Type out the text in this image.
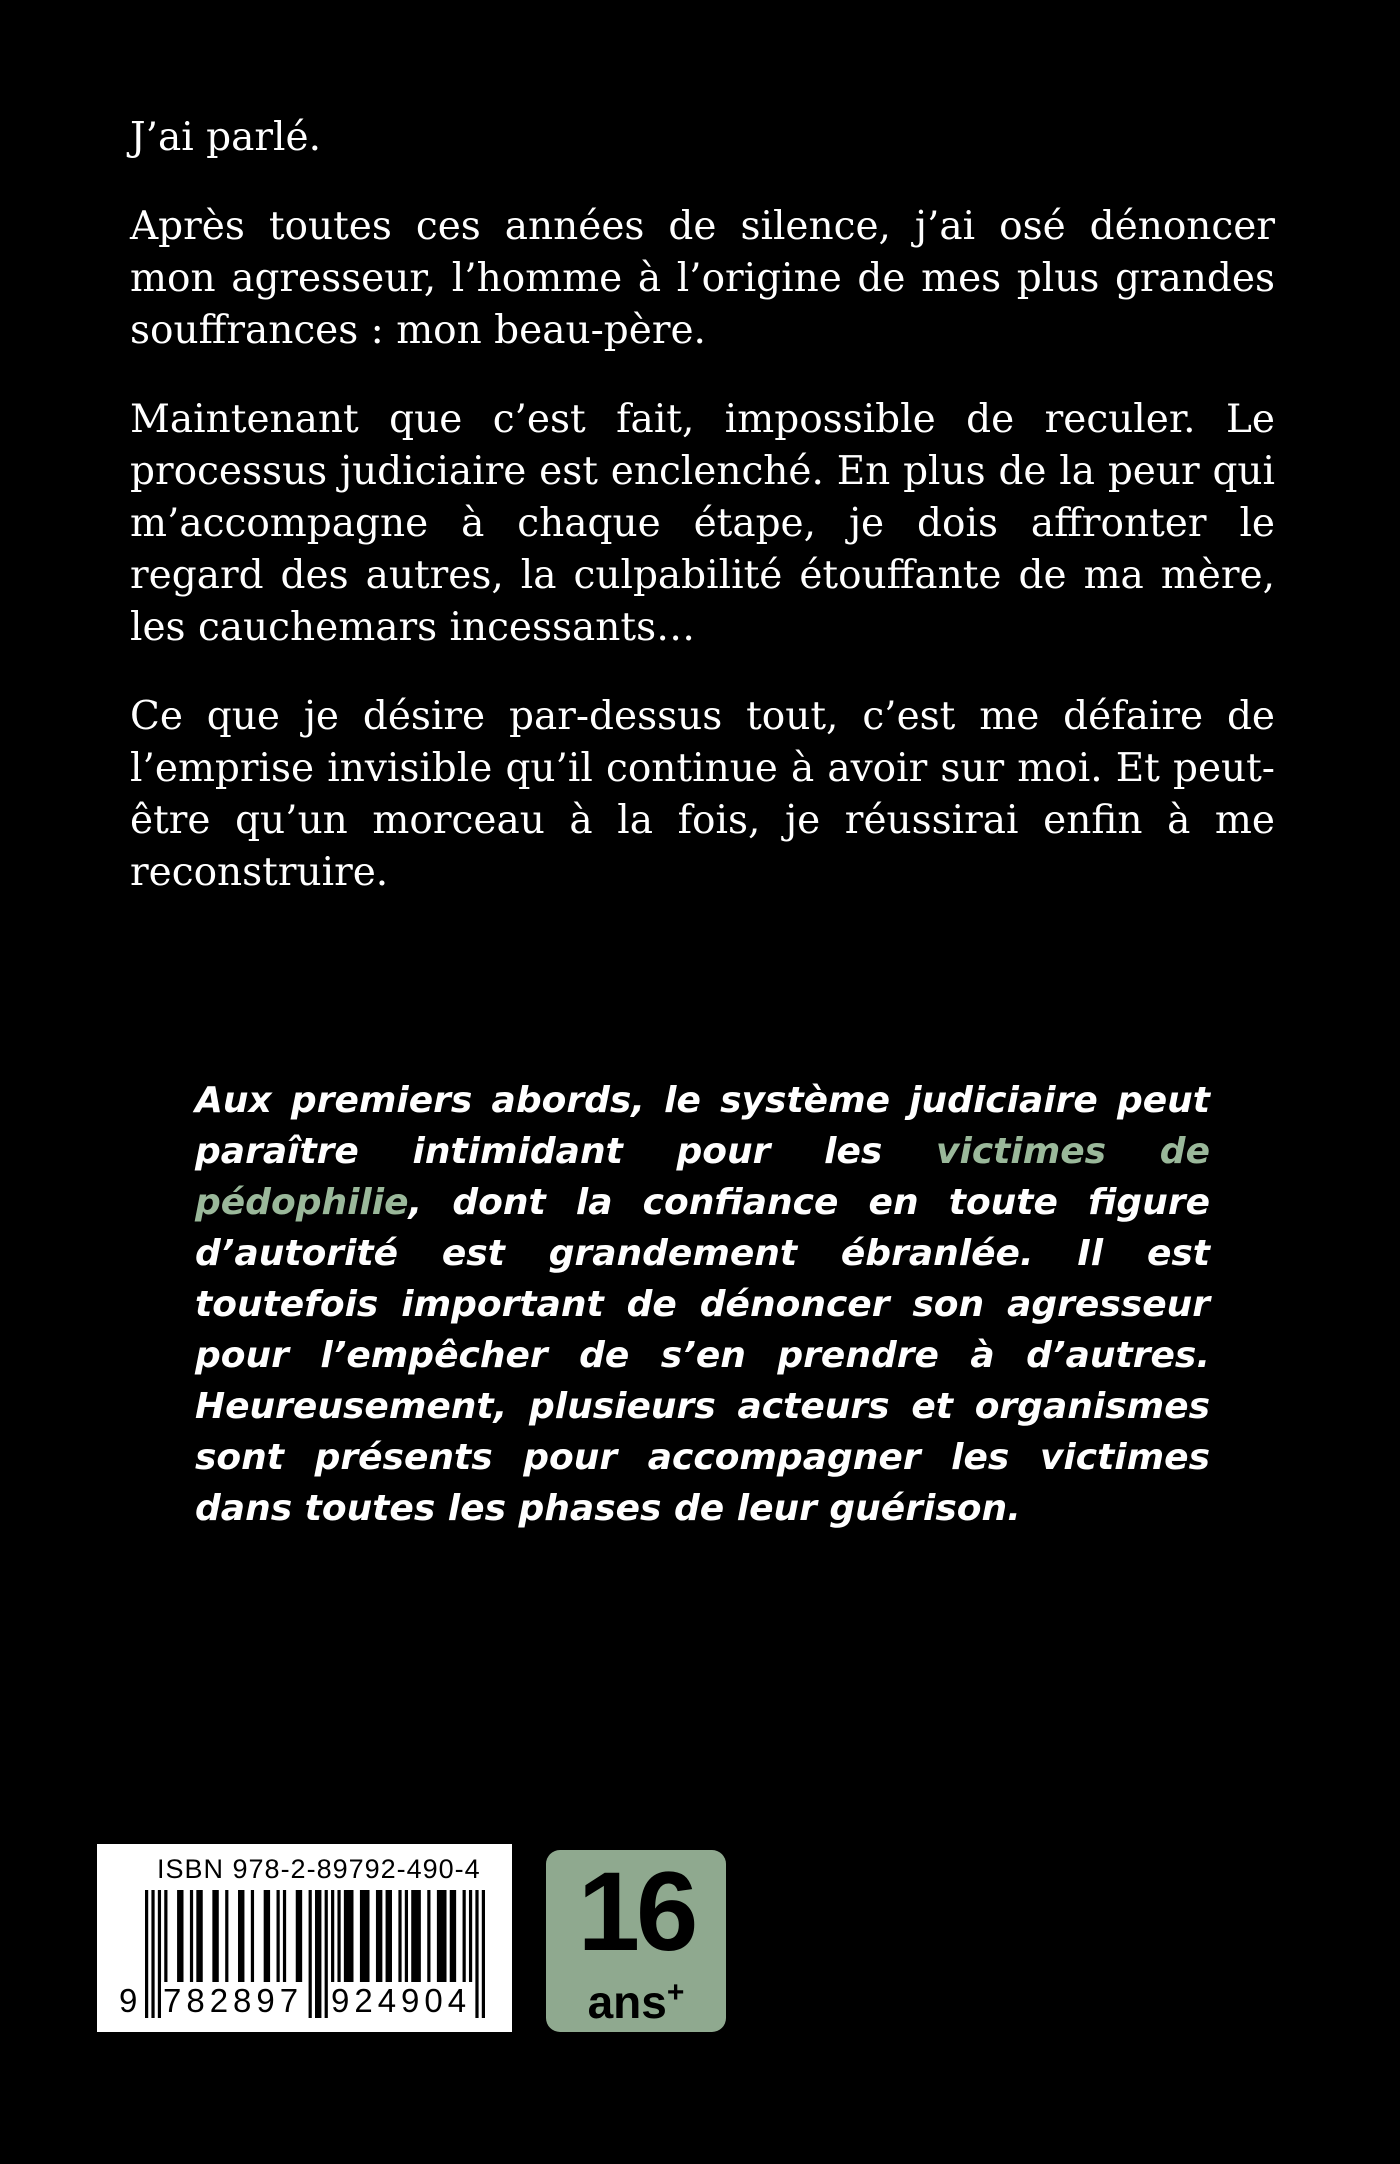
J’ai parlé.

Après toutes ces années de silence, j’ai osé dénoncer mon agresseur, l’homme à l’origine de mes plus grandes souffrances : mon beau-père.

Maintenant que c’est fait, impossible de reculer. Le processus judiciaire est enclenché. En plus de la peur qui m’accompagne à chaque étape, je dois affronter le regard des autres, la culpabilité étouffante de ma mère, les cauchemars incessants…

Ce que je désire par-dessus tout, c’est me défaire de l’emprise invisible qu’il continue à avoir sur moi. Et peut-être qu’un morceau à la fois, je réussirai enfin à me reconstruire.

Aux premiers abords, le système judiciaire peut paraître intimidant pour les victimes de pédophilie, dont la confiance en toute figure d’autorité est grandement ébranlée. Il est toutefois important de dénoncer son agresseur pour l’empêcher de s’en prendre à d’autres. Heureusement, plusieurs acteurs et organismes sont présents pour accompagner les victimes dans toutes les phases de leur guérison.
ISBN 978-2-89792-490-4
9 782897 924904
16
ans+
